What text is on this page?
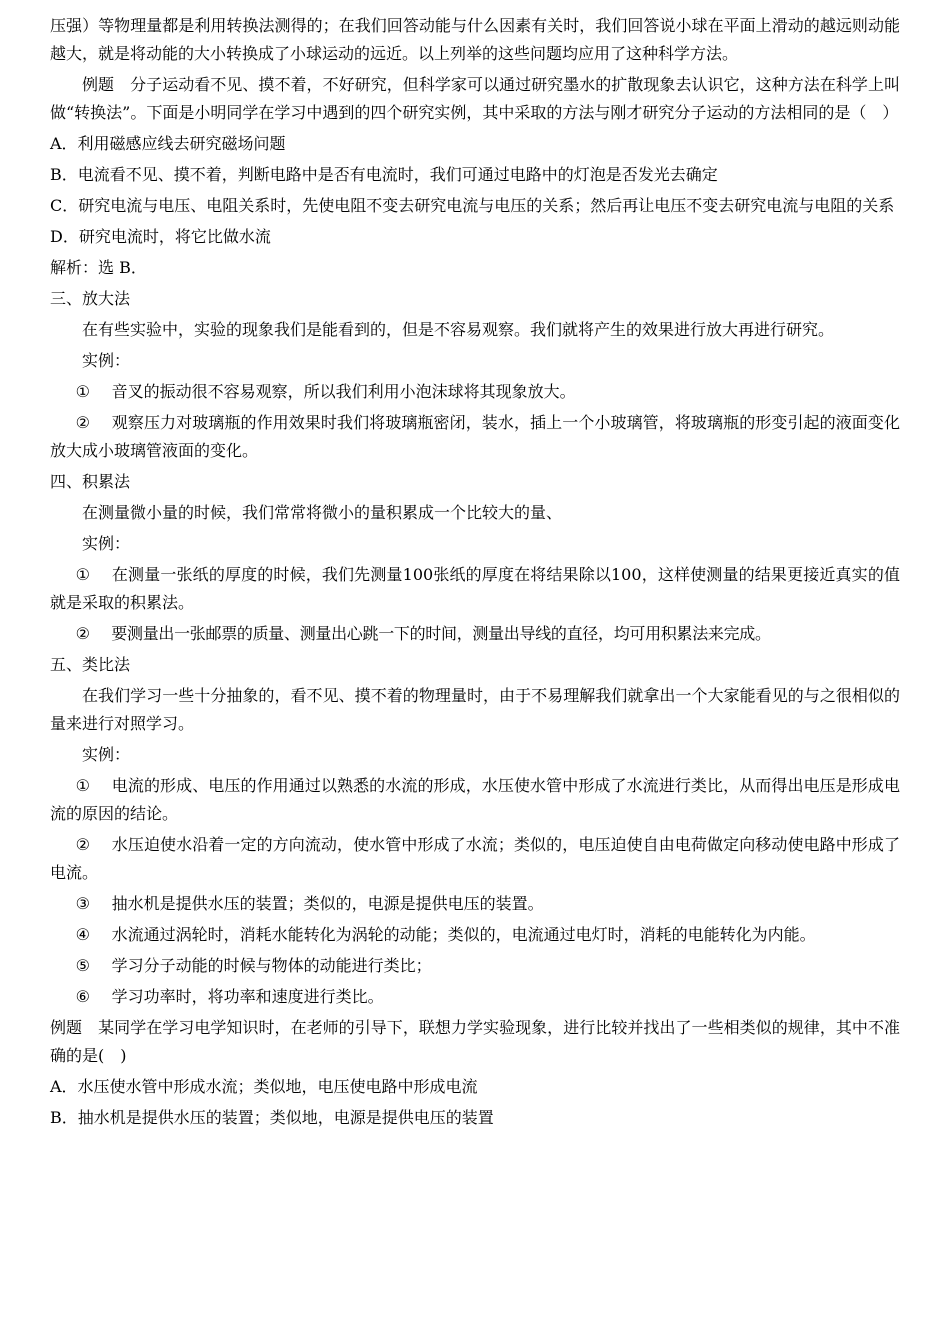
压强）等物理量都是利用转换法测得的；在我们回答动能与什么因素有关时，我们回答说小球在平面上滑动的越远则动能越大，就是将动能的大小转换成了小球运动的远近。以上列举的这些问题均应用了这种科学方法。

例题　分子运动看不见、摸不着，不好研究，但科学家可以通过研究墨水的扩散现象去认识它，这种方法在科学上叫做“转换法”。下面是小明同学在学习中遇到的四个研究实例，其中采取的方法与刚才研究分子运动的方法相同的是（　）

A．利用磁感应线去研究磁场问题

B．电流看不见、摸不着，判断电路中是否有电流时，我们可通过电路中的灯泡是否发光去确定

C．研究电流与电压、电阻关系时，先使电阻不变去研究电流与电压的关系；然后再让电压不变去研究电流与电阻的关系

D．研究电流时，将它比做水流

解析：选 B．

三、放大法

在有些实验中，实验的现象我们是能看到的，但是不容易观察。我们就将产生的效果进行放大再进行研究。

实例：

①　 音叉的振动很不容易观察，所以我们利用小泡沫球将其现象放大。

②　 观察压力对玻璃瓶的作用效果时我们将玻璃瓶密闭，装水，插上一个小玻璃管，将玻璃瓶的形变引起的液面变化放大成小玻璃管液面的变化。

四、积累法

在测量微小量的时候，我们常常将微小的量积累成一个比较大的量、

实例：

①　 在测量一张纸的厚度的时候，我们先测量100张纸的厚度在将结果除以100，这样使测量的结果更接近真实的值就是采取的积累法。

②　 要测量出一张邮票的质量、测量出心跳一下的时间，测量出导线的直径，均可用积累法来完成。

五、类比法

在我们学习一些十分抽象的，看不见、摸不着的物理量时，由于不易理解我们就拿出一个大家能看见的与之很相似的量来进行对照学习。

实例：

①　 电流的形成、电压的作用通过以熟悉的水流的形成，水压使水管中形成了水流进行类比，从而得出电压是形成电流的原因的结论。

②　 水压迫使水沿着一定的方向流动，使水管中形成了水流；类似的，电压迫使自由电荷做定向移动使电路中形成了电流。

③　 抽水机是提供水压的装置；类似的，电源是提供电压的装置。

④　 水流通过涡轮时，消耗水能转化为涡轮的动能；类似的，电流通过电灯时，消耗的电能转化为内能。

⑤　 学习分子动能的时候与物体的动能进行类比；

⑥　 学习功率时，将功率和速度进行类比。

例题　某同学在学习电学知识时，在老师的引导下，联想力学实验现象，进行比较并找出了一些相类似的规律，其中不准确的是(　)

A．水压使水管中形成水流；类似地，电压使电路中形成电流

B．抽水机是提供水压的装置；类似地，电源是提供电压的装置
